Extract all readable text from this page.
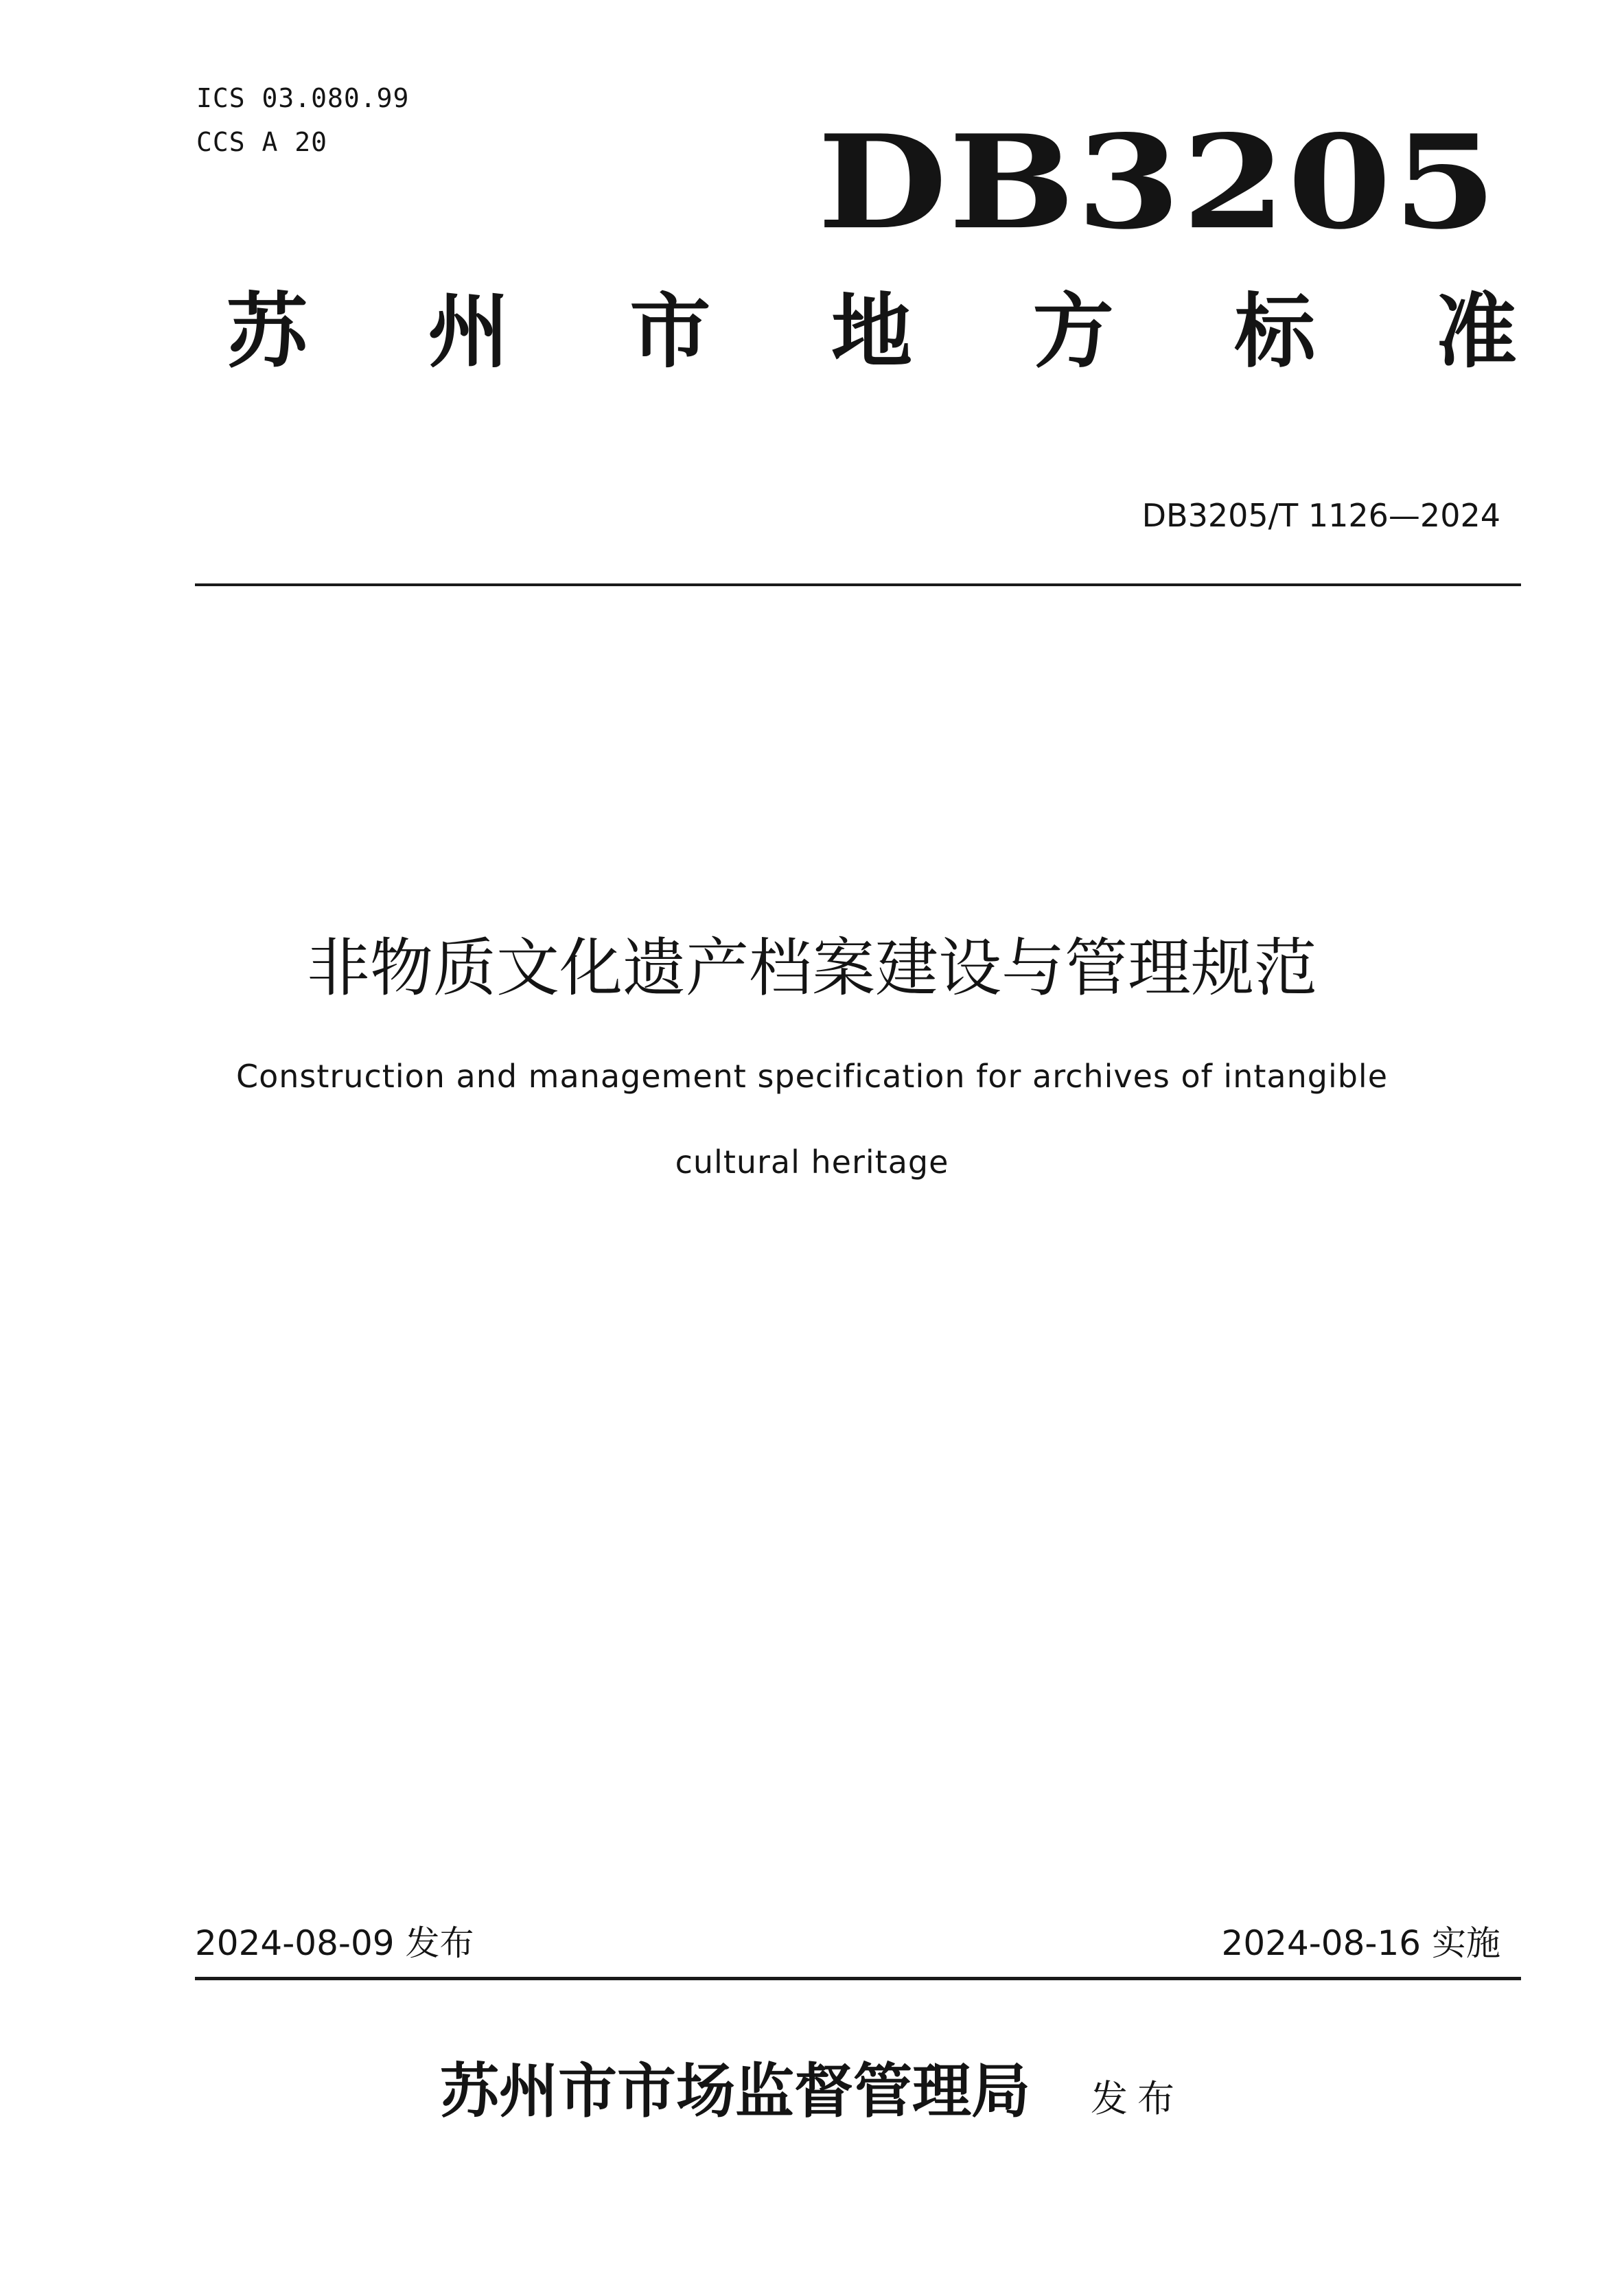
ICS 03.080.99
CCS A 20	DB3205
苏 州 市 地 方 标 准
DB3205/T 1126—2024
非物质文化遗产档案建设与管理规范
Construction and management specification for archives of intangible
cultural heritage
2024-08-09 发布	2024-08-16 实施
苏州市市场监督管理局 发布
